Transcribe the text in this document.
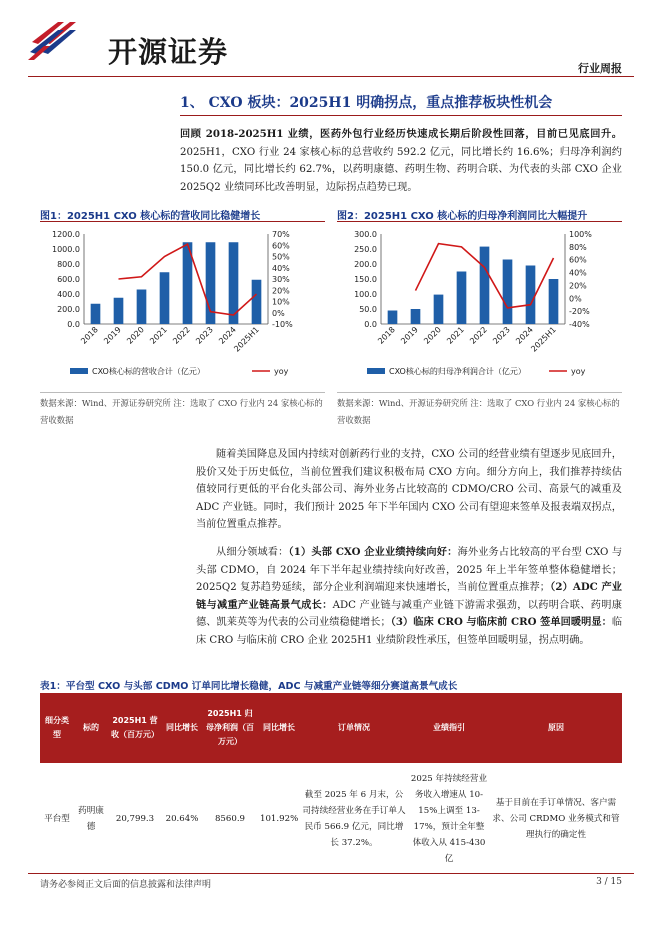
开源证券	行业周报
1、 CXO 板块：2025H1 明确拐点，重点推荐板块性机会
回顾 2018-2025H1 业绩，医药外包行业经历快速成长期后阶段性回落，目前已见底回升。2025H1，CXO 行业 24 家核心标的总营收约 592.2 亿元，同比增长约 16.6%；归母净利润约 150.0 亿元，同比增长约 62.7%，以药明康德、药明生物、药明合联、为代表的头部 CXO 企业 2025Q2 业绩同环比改善明显，边际拐点趋势已现。
图1：2025H1 CXO 核心标的营收同比稳健增长
0.0
200.0
400.0
600.0
800.0
1000.0
1200.0
-10%
0%
10%
20%
30%
40%
50%
60%
70%
2018 2019 2020 2021 2022 2023 2024
2025H1
CXO核心标的营收合计（亿元）	yoy
数据来源：Wind、开源证券研究所 注：选取了 CXO 行业内 24 家核心标的营收数据
图2：2025H1 CXO 核心标的归母净利润同比大幅提升
0.0
50.0
100.0
150.0
200.0
250.0
300.0
-40%
-20%
0%
20%
40%
60%
80%
100%
2018 2019 2020 2021 2022 2023 2024
2025H1
CXO核心标的归母净利润合计（亿元）	yoy
数据来源：Wind、开源证券研究所 注：选取了 CXO 行业内 24 家核心标的营收数据
随着美国降息及国内持续对创新药行业的支持，CXO 公司的经营业绩有望逐步见底回升，股价又处于历史低位，当前位置我们建议积极布局 CXO 方向。细分方向上，我们推荐持续估值较同行更低的平台化头部公司、海外业务占比较高的 CDMO/CRO 公司、高景气的减重及 ADC 产业链。同时，我们预计 2025 年下半年国内 CXO 公司有望迎来签单及报表端双拐点，当前位置重点推荐。
从细分领域看：（1）头部 CXO 企业业绩持续向好：海外业务占比较高的平台型 CXO 与头部 CDMO，自 2024 年下半年起业绩持续向好改善，2025 年上半年签单整体稳健增长；2025Q2 复苏趋势延续，部分企业利润端迎来快速增长，当前位置重点推荐；（2）ADC 产业链与减重产业链高景气成长：ADC 产业链与减重产业链下游需求强劲，以药明合联、药明康德、凯莱英等为代表的公司业绩稳健增长；（3）临床 CRO 与临床前 CRO 签单回暖明显：临床 CRO 与临床前 CRO 企业 2025H1 业绩阶段性承压，但签单回暖明显，拐点明确。
表1：平台型 CXO 与头部 CDMO 订单同比增长稳健，ADC 与减重产业链等细分赛道高景气成长
细分类型	标的	2025H1 营收（百万元）	同比增长	2025H1 归母净利润（百万元）	同比增长	订单情况	业绩指引	原因
平台型	药明康德	20,799.3	20.64%	8560.9	101.92%	截至 2025 年 6 月末，公司持续经营业务在手订单人民币 566.9 亿元，同比增长 37.2%。	2025 年持续经营业务收入增速从 10-15%上调至 13-17%，预计全年整体收入从 415-430 亿	基于目前在手订单情况、客户需求、公司 CRDMO 业务模式和管理执行的确定性
请务必参阅正文后面的信息披露和法律声明	3 / 15
